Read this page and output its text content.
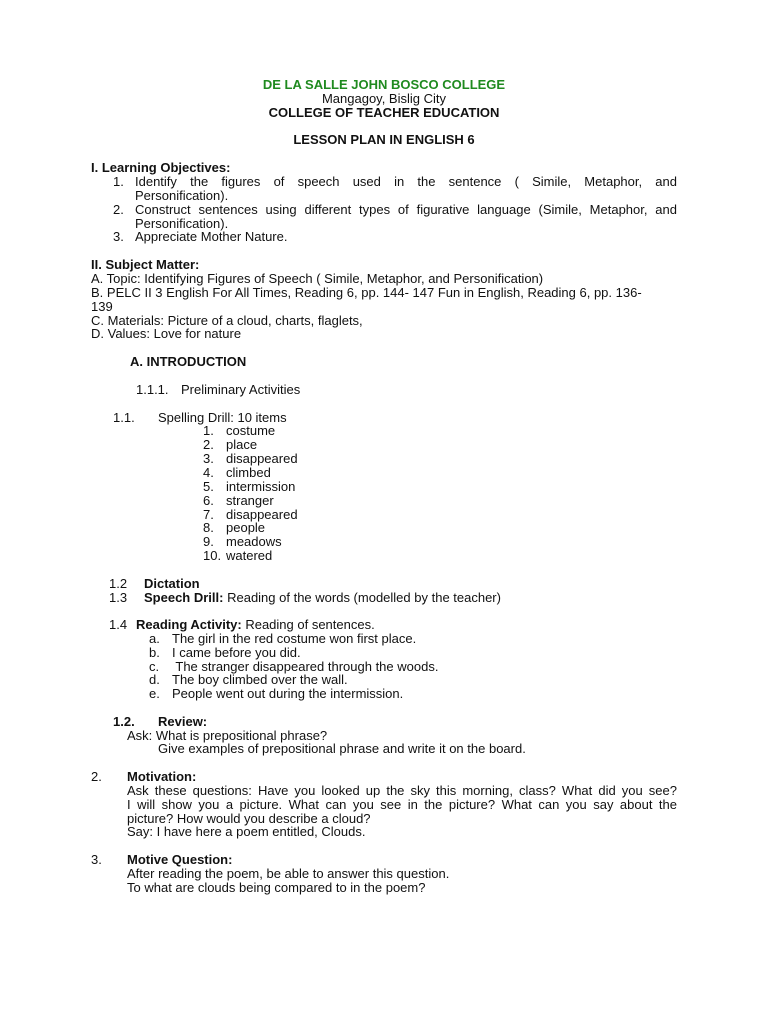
DE LA SALLE JOHN BOSCO COLLEGE
Mangagoy, Bislig City
COLLEGE OF TEACHER EDUCATION
LESSON PLAN IN ENGLISH 6
I. Learning Objectives:
1. Identify the figures of speech used in the sentence ( Simile, Metaphor, and
Personification).
2. Construct sentences using different types of figurative language (Simile, Metaphor, and
Personification).
3. Appreciate Mother Nature.
II. Subject Matter:
A. Topic: Identifying Figures of Speech ( Simile, Metaphor, and Personification)
B. PELC II 3 English For All Times, Reading 6, pp. 144- 147 Fun in English, Reading 6, pp. 136-
139
C. Materials: Picture of a cloud, charts, flaglets,
D. Values: Love for nature
A. INTRODUCTION
1.1.1. Preliminary Activities
1.1. Spelling Drill: 10 items
1. costume
2. place
3. disappeared
4. climbed
5. intermission
6. stranger
7. disappeared
8. people
9. meadows
10. watered
1.2 Dictation
1.3 Speech Drill: Reading of the words (modelled by the teacher)
1.4 Reading Activity: Reading of sentences.
a. The girl in the red costume won first place.
b. I came before you did.
c. The stranger disappeared through the woods.
d. The boy climbed over the wall.
e. People went out during the intermission.
1.2. Review:
Ask: What is prepositional phrase?
Give examples of prepositional phrase and write it on the board.
2. Motivation:
Ask these questions: Have you looked up the sky this morning, class? What did you see?
I will show you a picture. What can you see in the picture? What can you say about the
picture? How would you describe a cloud?
Say: I have here a poem entitled, Clouds.
3. Motive Question:
After reading the poem, be able to answer this question.
To what are clouds being compared to in the poem?
